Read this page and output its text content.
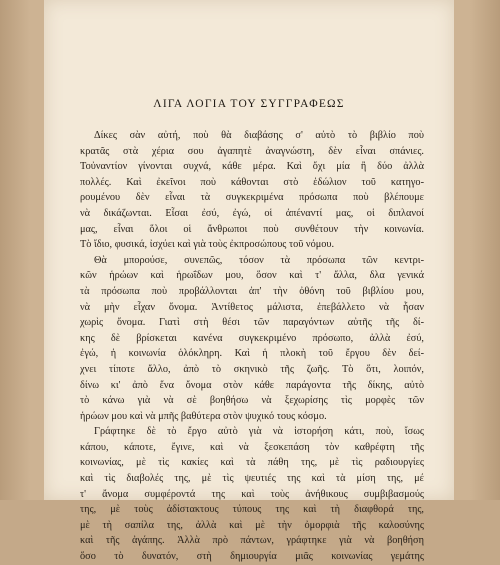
ΛΙΓΑ ΛΟΓΙΑ ΤΟΥ ΣΥΓΓΡΑΦΕΩΣ
Δίκες σὰν αὐτή, ποὺ θὰ διαβάσης σ' αὐτὸ τὸ βιβλίο ποὺ
κρατᾶς στὰ χέρια σου ἀγαπητὲ ἀναγνώστη, δὲν εἶναι σπάνιες.
Τοὐναντίον γίνονται συχνά, κάθε μέρα. Καὶ ὄχι μία ἢ δύο ἀλλὰ
πολλές. Καὶ ἐκεῖνοι ποὺ κάθονται στὸ ἑδώλιον τοῦ κατηγο-
ρουμένου δὲν εἶναι τὰ συγκεκριμένα πρόσωπα ποὺ βλέπουμε
νὰ δικάζωνται. Εἶσαι ἐσύ, ἐγώ, οἱ ἀπέναντί μας, οἱ διπλανοί
μας, εἶναι ὅλοι οἱ ἄνθρωποι ποὺ συνθέτουν τὴν κοινωνία.
Τὸ ἴδιο, φυσικά, ἰσχύει καὶ γιὰ τοὺς ἐκπροσώπους τοῦ νόμου.
Θὰ μπορούσε, συνεπῶς, τόσον τὰ πρόσωπα τῶν κεντρι-
κῶν ἡρώων καὶ ἡρωΐδων μου, ὅσον καὶ τ' ἄλλα, δλα γενικά
τὰ πρόσωπα ποὺ προβάλλονται ἀπ' τὴν ὀθόνη τοῦ βιβλίου μου,
νὰ μὴν εἶχαν ὄνομα. Ἀντίθετος μάλιστα, ἐπεβάλλετο νὰ ἦσαν
χωρὶς ὄνομα. Γιατὶ στὴ θέσι τῶν παραγόντων αὐτῆς τῆς δί-
κης δὲ βρίσκεται κανένα συγκεκριμένο πρόσωπο, ἀλλὰ ἐσύ,
ἐγώ, ἡ κοινωνία ὁλόκληρη. Καὶ ἡ πλοκὴ τοῦ ἔργου δὲν δεί-
χνει τίποτε ἄλλο, ἀπὸ τὸ σκηνικὸ τῆς ζωῆς. Τὸ ὅτι, λοιπόν,
δίνω κι' ἀπὸ ἕνα ὄνομα στὸν κάθε παράγοντα τῆς δίκης, αὐτὸ
τὸ κάνω γιὰ νὰ σὲ βοηθήσω νὰ ξεχωρίσης τὶς μορφὲς τῶν
ἡρώων μου καὶ νὰ μπῆς βαθύτερα στὸν ψυχικό τους κόσμο.
Γράφτηκε δὲ τὸ ἔργο αὐτὸ γιὰ νὰ ἱστορήση κάτι, ποὺ, ἴσως
κάπου, κάποτε, ἔγινε, καὶ νὰ ξεσκεπάση τὸν καθρέφτη τῆς
κοινωνίας, μὲ τὶς κακίες καὶ τὰ πάθη της, μὲ τὶς ραδιουργίες
καὶ τὶς διαβολές της, μὲ τὶς ψευτιές της καὶ τὰ μίση της, μέ
τ' ἄνομα συμφέροντά της καὶ τοὺς ἀνήθικους συμβιβασμούς
της, μὲ τοὺς ἀδίστακτους τύπους της καὶ τὴ διαφθορά της,
μὲ τὴ σαπίλα της, ἀλλὰ καὶ μὲ τὴν ὀμορφιὰ τῆς καλοσύνης
καὶ τῆς ἀγάπης. Ἀλλὰ πρὸ πάντων, γράφτηκε γιὰ νὰ βοηθήση
ὅσο τὸ δυνατόν, στὴ δημιουργία μιᾶς κοινωνίας γεμάτης
